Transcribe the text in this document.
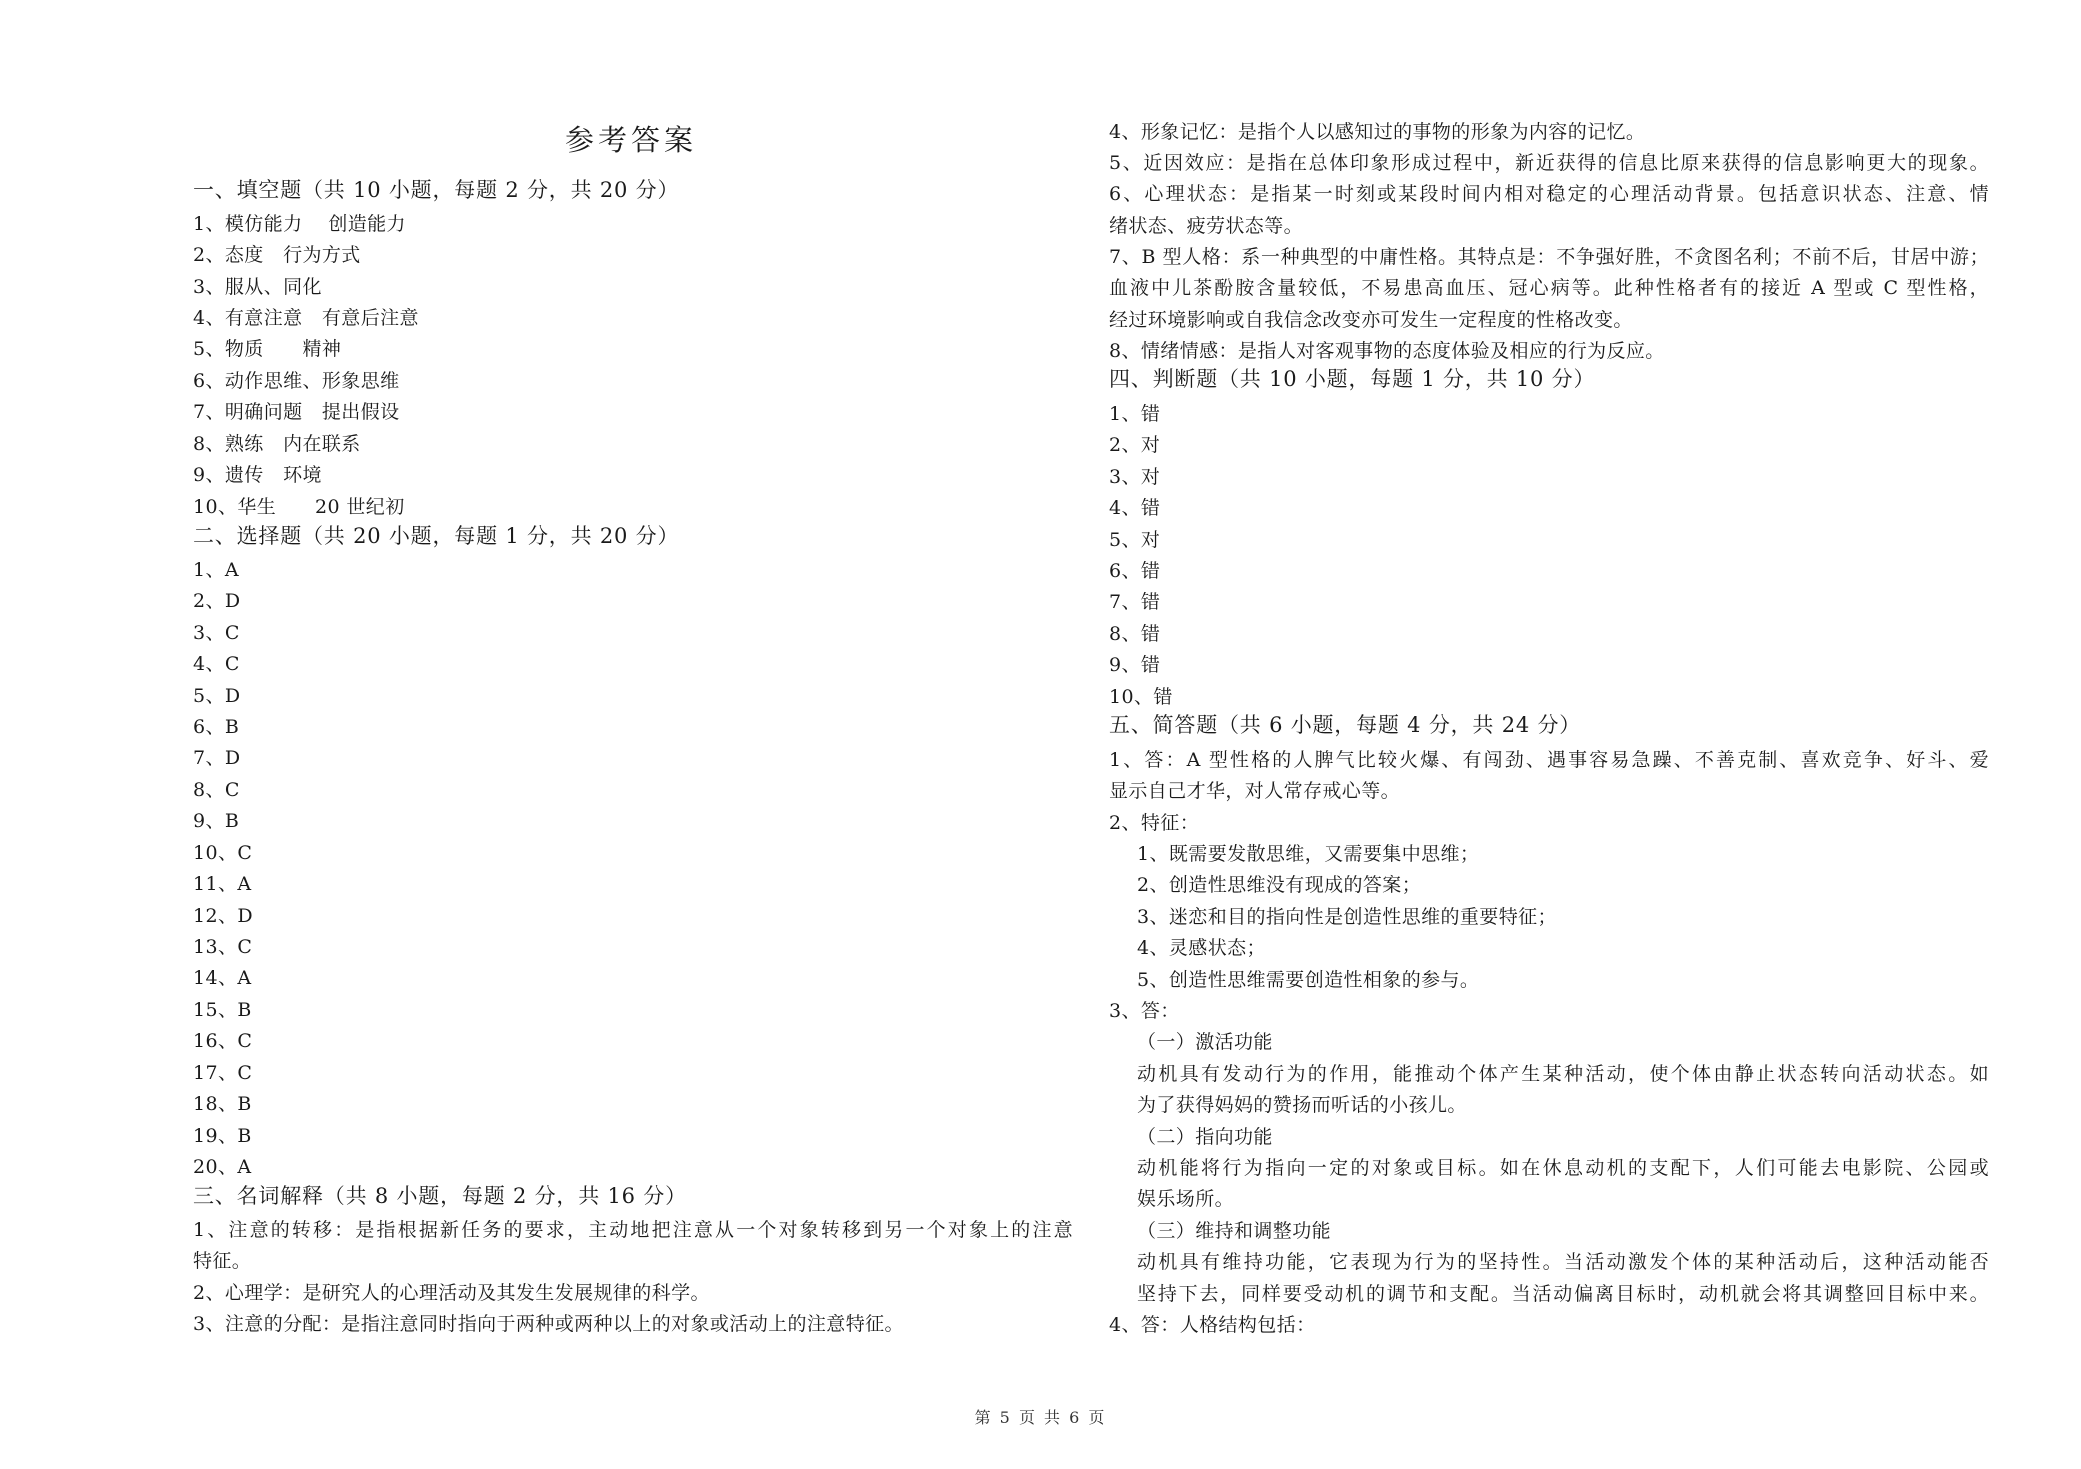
参考答案
一、填空题（共 10 小题，每题 2 分，共 20 分）
1、模仿能力　 创造能力
2、态度　行为方式
3、服从、同化
4、有意注意　有意后注意
5、物质　　精神
6、动作思维、形象思维
7、明确问题　提出假设
8、熟练　内在联系
9、遗传　环境
10、华生　　20 世纪初
二、选择题（共 20 小题，每题 1 分，共 20 分）
1、A
2、D
3、C
4、C
5、D
6、B
7、D
8、C
9、B
10、C
11、A
12、D
13、C
14、A
15、B
16、C
17、C
18、B
19、B
20、A
三、名词解释（共 8 小题，每题 2 分，共 16 分）
1、注意的转移：是指根据新任务的要求，主动地把注意从一个对象转移到另一个对象上的注意
特征。
2、心理学：是研究人的心理活动及其发生发展规律的科学。
3、注意的分配：是指注意同时指向于两种或两种以上的对象或活动上的注意特征。
4、形象记忆：是指个人以感知过的事物的形象为内容的记忆。
5、近因效应：是指在总体印象形成过程中，新近获得的信息比原来获得的信息影响更大的现象。
6、心理状态：是指某一时刻或某段时间内相对稳定的心理活动背景。包括意识状态、注意、情
绪状态、疲劳状态等。
7、B 型人格：系一种典型的中庸性格。其特点是：不争强好胜，不贪图名利；不前不后，甘居中游；
血液中儿茶酚胺含量较低，不易患高血压、冠心病等。此种性格者有的接近 A 型或 C 型性格，
经过环境影响或自我信念改变亦可发生一定程度的性格改变。
8、情绪情感：是指人对客观事物的态度体验及相应的行为反应。
四、判断题（共 10 小题，每题 1 分，共 10 分）
1、错
2、对
3、对
4、错
5、对
6、错
7、错
8、错
9、错
10、错
五、简答题（共 6 小题，每题 4 分，共 24 分）
1、答：A 型性格的人脾气比较火爆、有闯劲、遇事容易急躁、不善克制、喜欢竞争、好斗、爱
显示自己才华，对人常存戒心等。
2、特征：
1、既需要发散思维，又需要集中思维；
2、创造性思维没有现成的答案；
3、迷恋和目的指向性是创造性思维的重要特征；
4、灵感状态；
5、创造性思维需要创造性相象的参与。
3、答：
（一）激活功能
动机具有发动行为的作用，能推动个体产生某种活动，使个体由静止状态转向活动状态。如
为了获得妈妈的赞扬而听话的小孩儿。
（二）指向功能
动机能将行为指向一定的对象或目标。如在休息动机的支配下，人们可能去电影院、公园或
娱乐场所。
（三）维持和调整功能
动机具有维持功能，它表现为行为的坚持性。当活动激发个体的某种活动后，这种活动能否
坚持下去，同样要受动机的调节和支配。当活动偏离目标时，动机就会将其调整回目标中来。
4、答：人格结构包括：
第 5 页 共 6 页
